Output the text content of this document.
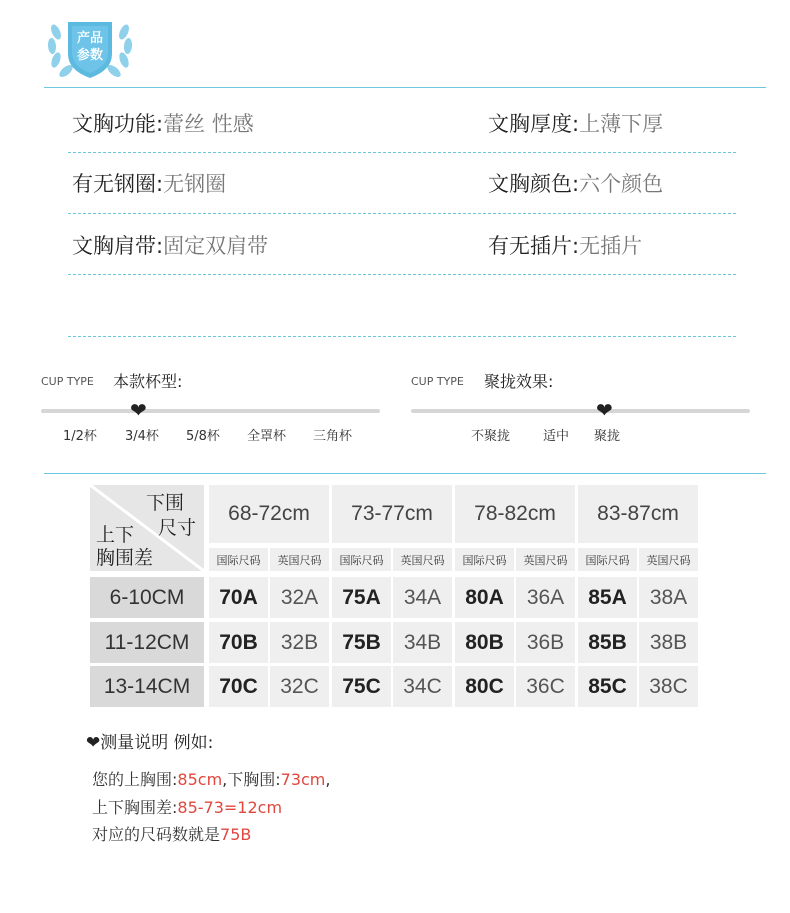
产品
参数
文胸功能:蕾丝 性感	文胸厚度:上薄下厚
有无钢圈:无钢圈	文胸颜色:六个颜色
文胸肩带:固定双肩带	有无插片:无插片
CUP TYPE 本款杯型:
❤
1/2杯 3/4杯 5/8杯 全罩杯 三角杯
CUP TYPE 聚拢效果:
❤
不聚拢	适中 聚拢
下围
尺寸
上下
胸围差
68-72cm	73-77cm	78-82cm	83-87cm
国际尺码	英国尺码	国际尺码	英国尺码	国际尺码	英国尺码	国际尺码	英国尺码
6-10CM	70A	32A	75A	34A	80A	36A	85A	38A
11-12CM	70B	32B	75B	34B	80B	36B	85B	38B
13-14CM	70C	32C	75C	34C	80C	36C	85C	38C
❤测量说明 例如:
您的上胸围:85cm,下胸围:73cm,
上下胸围差:85-73=12cm
对应的尺码数就是75B
